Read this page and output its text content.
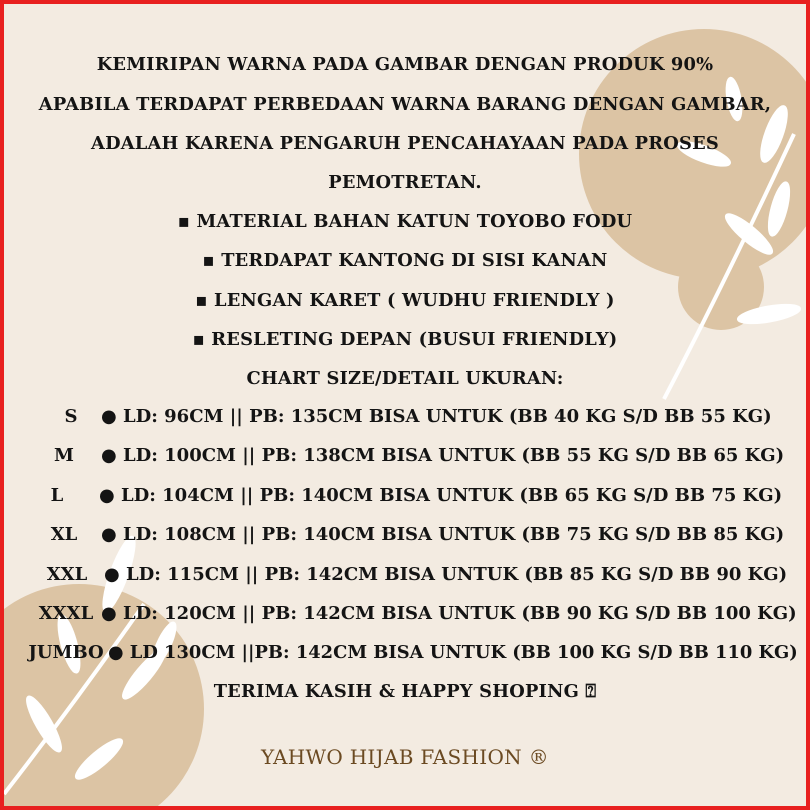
KEMIRIPAN WARNA PADA GAMBAR DENGAN PRODUK 90%
APABILA TERDAPAT PERBEDAAN WARNA BARANG DENGAN GAMBAR,
ADALAH KARENA PENGARUH PENCAHAYAAN PADA PROSES
PEMOTRETAN.
▪ MATERIAL BAHAN KATUN TOYOBO FODU
▪ TERDAPAT KANTONG DI SISI KANAN
▪ LENGAN KARET ( WUDHU FRIENDLY )
▪ RESLETING DEPAN (BUSUI FRIENDLY)
CHART SIZE/DETAIL UKURAN:
S	● LD: 96CM || PB: 135CM BISA UNTUK (BB 40 KG S/D BB 55 KG)
M ● LD: 100CM || PB: 138CM BISA UNTUK (BB 55 KG S/D BB 65 KG)
L	● LD: 104CM || PB: 140CM BISA UNTUK (BB 65 KG S/D BB 75 KG)
XL	● LD: 108CM || PB: 140CM BISA UNTUK (BB 75 KG S/D BB 85 KG)
XXL ● LD: 115CM || PB: 142CM BISA UNTUK (BB 85 KG S/D BB 90 KG)
XXXL ● LD: 120CM || PB: 142CM BISA UNTUK (BB 90 KG S/D BB 100 KG)
JUMBO ● LD 130CM ||PB: 142CM BISA UNTUK (BB 100 KG S/D BB 110 KG)
TERIMA KASIH & HAPPY SHOPING ⍰
YAHWO HIJAB FASHION ®
